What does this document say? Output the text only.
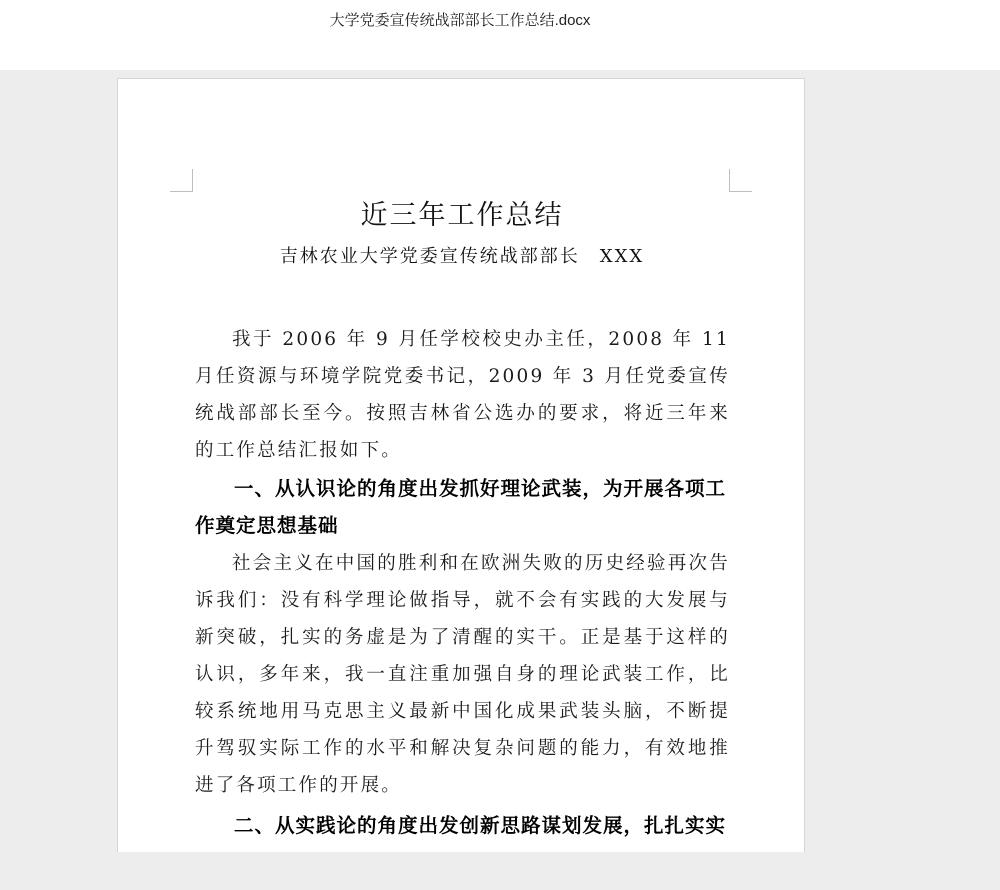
大学党委宣传统战部部长工作总结.docx
近三年工作总结
吉林农业大学党委宣传统战部部长　XXX

我于 2006 年 9 月任学校校史办主任，2008 年 11 月任资源与环境学院党委书记，2009 年 3 月任党委宣传统战部部长至今。按照吉林省公选办的要求，将近三年来的工作总结汇报如下。

一、从认识论的角度出发抓好理论武装，为开展各项工作奠定思想基础

社会主义在中国的胜利和在欧洲失败的历史经验再次告诉我们：没有科学理论做指导，就不会有实践的大发展与新突破，扎实的务虚是为了清醒的实干。正是基于这样的认识，多年来，我一直注重加强自身的理论武装工作，比较系统地用马克思主义最新中国化成果武装头脑，不断提升驾驭实际工作的水平和解决复杂问题的能力，有效地推进了各项工作的开展。

二、从实践论的角度出发创新思路谋划发展，扎扎实实
